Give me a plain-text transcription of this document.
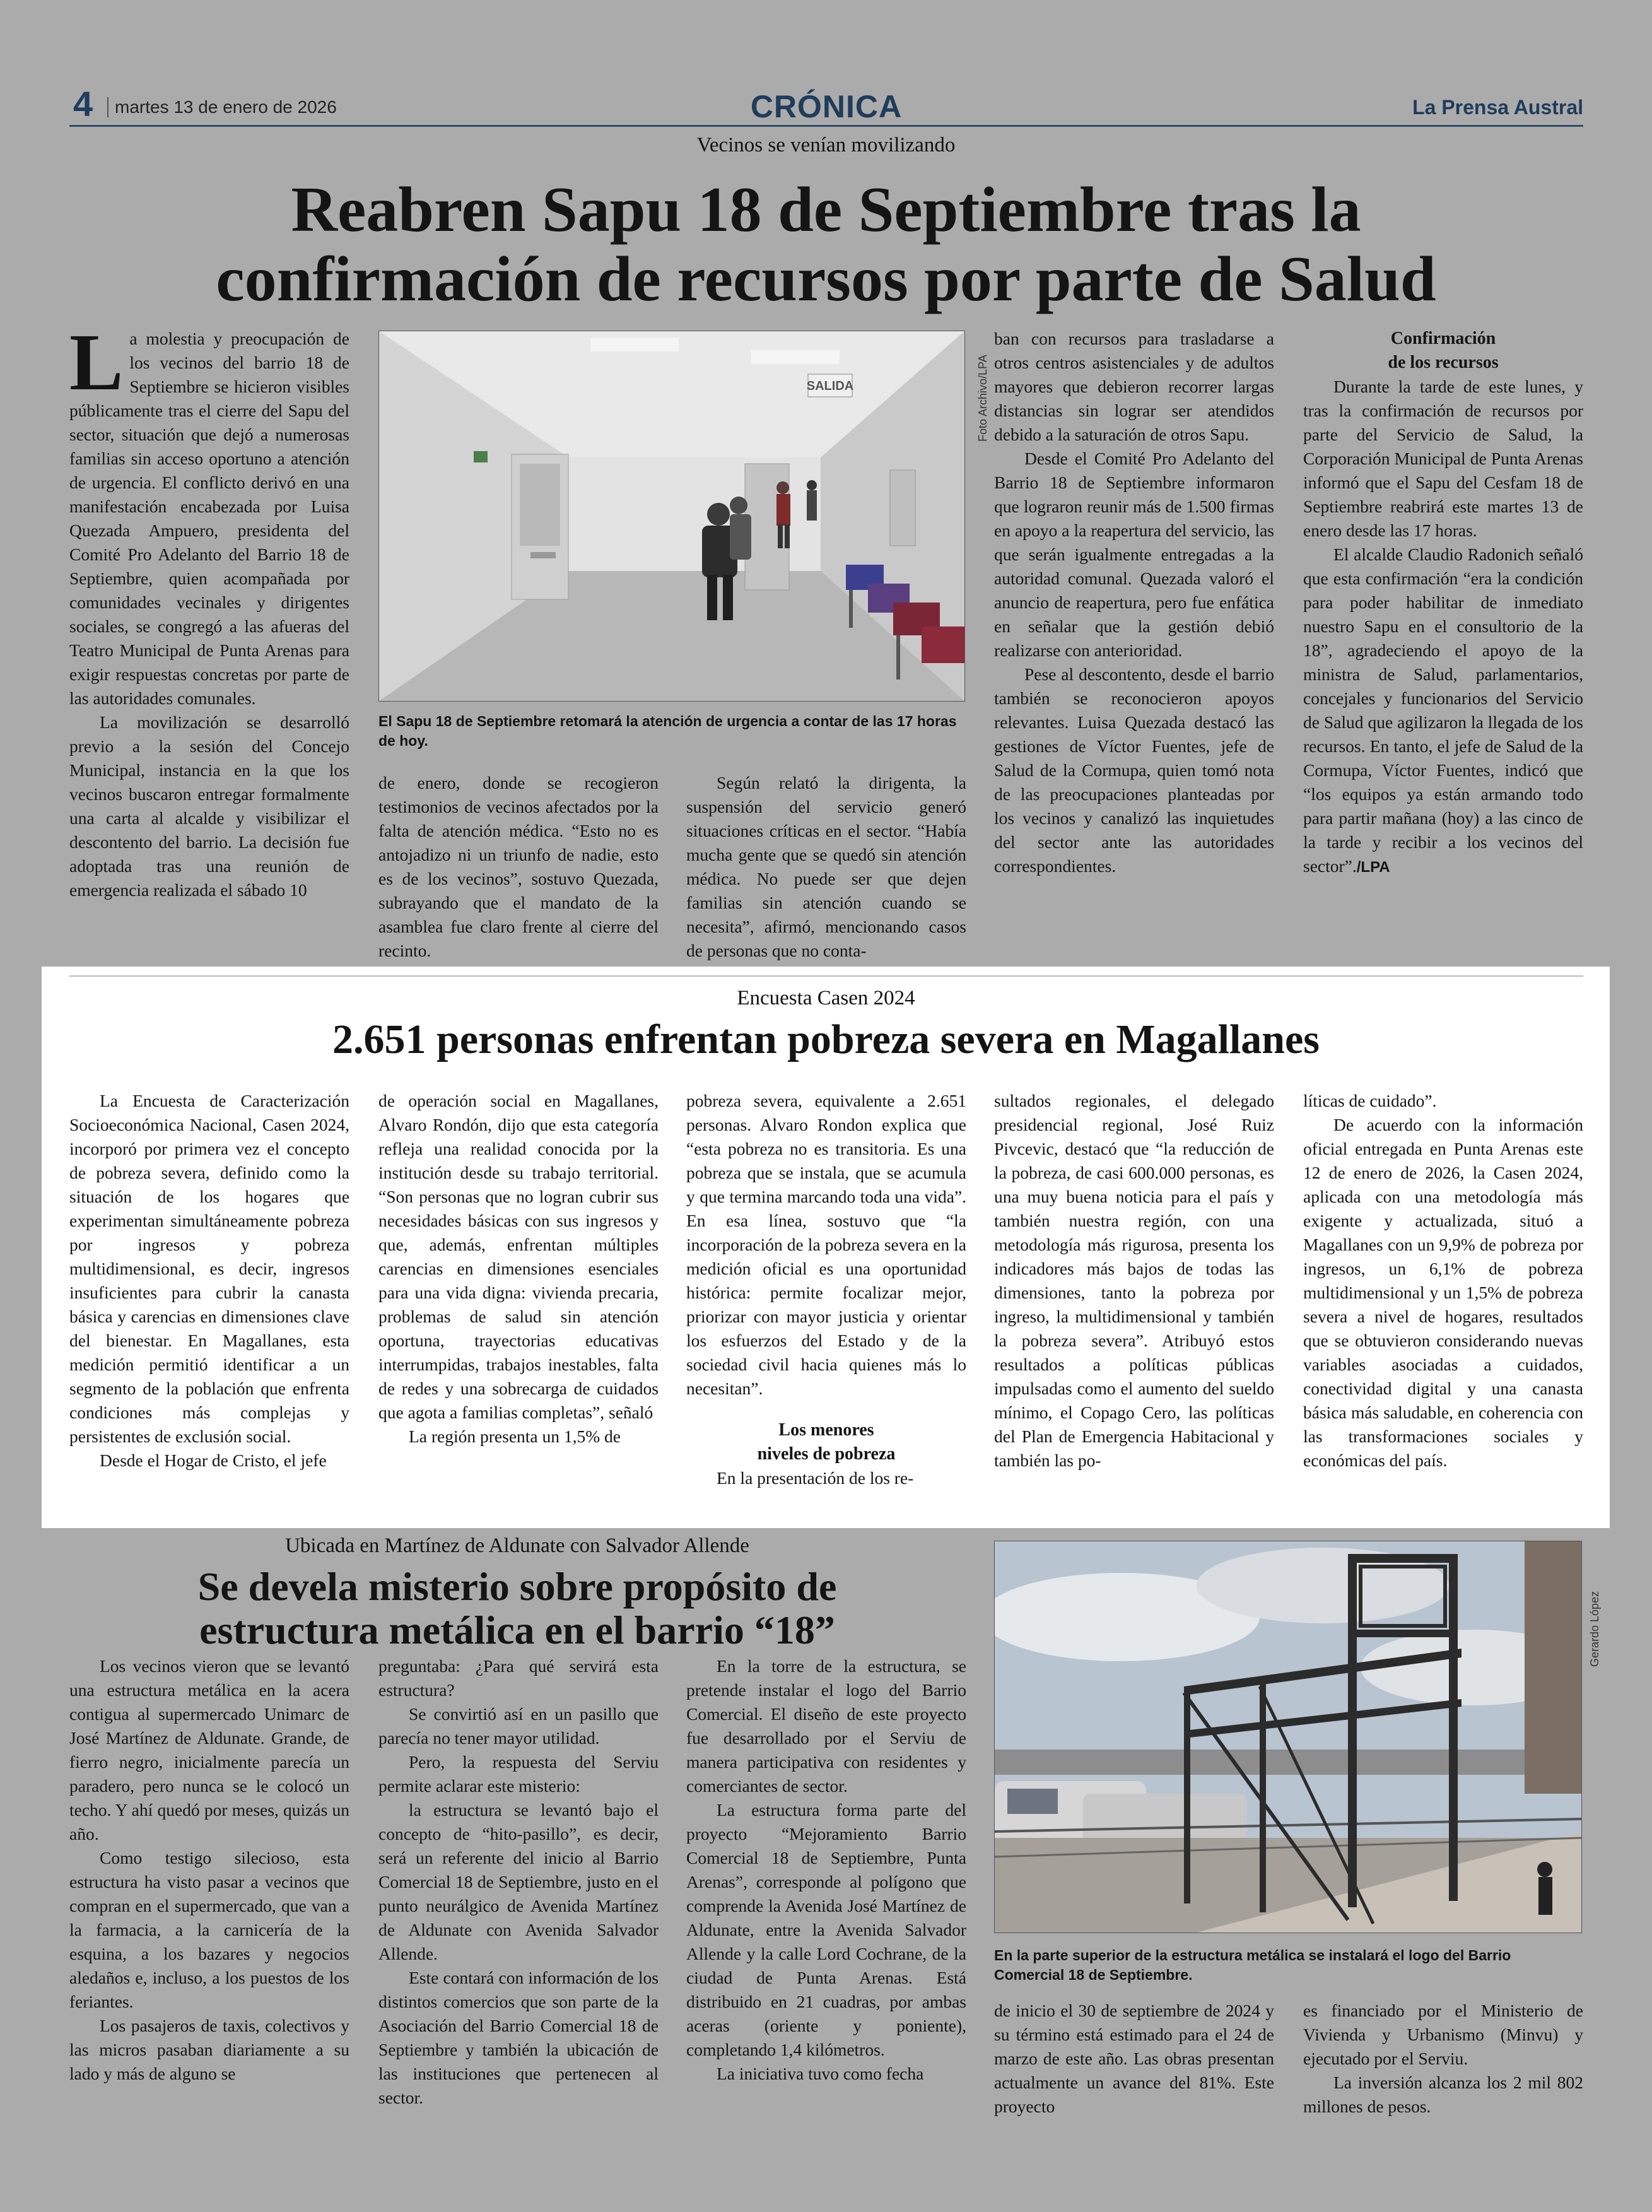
4	martes 13 de enero de 2026	CRÓNICA	La Prensa Austral
Vecinos se venían movilizando
Reabren Sapu 18 de Septiembre tras la
confirmación de recursos por parte de Salud

La molestia y preocupación de los vecinos del barrio 18 de Septiembre se hicieron visibles públicamente tras el cierre del Sapu del sector, situación que dejó a numerosas familias sin acceso oportuno a atención de urgencia. El conflicto derivó en una manifestación encabezada por Luisa Quezada Ampuero, presidenta del Comité Pro Adelanto del Barrio 18 de Septiembre, quien acompañada por comunidades vecinales y dirigentes sociales, se congregó a las afueras del Teatro Municipal de Punta Arenas para exigir respuestas concretas por parte de las autoridades comunales.

La movilización se desarrolló previo a la sesión del Concejo Municipal, instancia en la que los vecinos buscaron entregar formalmente una carta al alcalde y visibilizar el descontento del barrio. La decisión fue adoptada tras una reunión de emergencia realizada el sábado 10

SALIDA	Foto Archivo/LPA

El Sapu 18 de Septiembre retomará la atención de urgencia a contar de las 17 horas de hoy.

de enero, donde se recogieron testimonios de vecinos afectados por la falta de atención médica. “Esto no es antojadizo ni un triunfo de nadie, esto es de los vecinos”, sostuvo Quezada, subrayando que el mandato de la asamblea fue claro frente al cierre del recinto.

Según relató la dirigenta, la suspensión del servicio generó situaciones críticas en el sector. “Había mucha gente que se quedó sin atención médica. No puede ser que dejen familias sin atención cuando se necesita”, afirmó, mencionando casos de personas que no conta-

ban con recursos para trasladarse a otros centros asistenciales y de adultos mayores que debieron recorrer largas distancias sin lograr ser atendidos debido a la saturación de otros Sapu.

Desde el Comité Pro Adelanto del Barrio 18 de Septiembre informaron que lograron reunir más de 1.500 firmas en apoyo a la reapertura del servicio, las que serán igualmente entregadas a la autoridad comunal. Quezada valoró el anuncio de reapertura, pero fue enfática en señalar que la gestión debió realizarse con anterioridad.

Pese al descontento, desde el barrio también se reconocieron apoyos relevantes. Luisa Quezada destacó las gestiones de Víctor Fuentes, jefe de Salud de la Cormupa, quien tomó nota de las preocupaciones planteadas por los vecinos y canalizó las inquietudes del sector ante las autoridades correspondientes.

Confirmación
de los recursos

Durante la tarde de este lunes, y tras la confirmación de recursos por parte del Servicio de Salud, la Corporación Municipal de Punta Arenas informó que el Sapu del Cesfam 18 de Septiembre reabrirá este martes 13 de enero desde las 17 horas.

El alcalde Claudio Radonich señaló que esta confirmación “era la condición para poder habilitar de inmediato nuestro Sapu en el consultorio de la 18”, agradeciendo el apoyo de la ministra de Salud, parlamentarios, concejales y funcionarios del Servicio de Salud que agilizaron la llegada de los recursos. En tanto, el jefe de Salud de la Cormupa, Víctor Fuentes, indicó que “los equipos ya están armando todo para partir mañana (hoy) a las cinco de la tarde y recibir a los vecinos del sector”./LPA

Encuesta Casen 2024
2.651 personas enfrentan pobreza severa en Magallanes

La Encuesta de Caracterización Socioeconómica Nacional, Casen 2024, incorporó por primera vez el concepto de pobreza severa, definido como la situación de los hogares que experimentan simultáneamente pobreza por ingresos y pobreza multidimensional, es decir, ingresos insuficientes para cubrir la canasta básica y carencias en dimensiones clave del bienestar. En Magallanes, esta medición permitió identificar a un segmento de la población que enfrenta condiciones más complejas y persistentes de exclusión social.

Desde el Hogar de Cristo, el jefe

de operación social en Magallanes, Alvaro Rondón, dijo que esta categoría refleja una realidad conocida por la institución desde su trabajo territorial. “Son personas que no logran cubrir sus necesidades básicas con sus ingresos y que, además, enfrentan múltiples carencias en dimensiones esenciales para una vida digna: vivienda precaria, problemas de salud sin atención oportuna, trayectorias educativas interrumpidas, trabajos inestables, falta de redes y una sobrecarga de cuidados que agota a familias completas”, señaló

La región presenta un 1,5% de

pobreza severa, equivalente a 2.651 personas. Alvaro Rondon explica que “esta pobreza no es transitoria. Es una pobreza que se instala, que se acumula y que termina marcando toda una vida”. En esa línea, sostuvo que “la incorporación de la pobreza severa en la medición oficial es una oportunidad histórica: permite focalizar mejor, priorizar con mayor justicia y orientar los esfuerzos del Estado y de la sociedad civil hacia quienes más lo necesitan”.

Los menores
niveles de pobreza

En la presentación de los re-

sultados regionales, el delegado presidencial regional, José Ruiz Pivcevic, destacó que “la reducción de la pobreza, de casi 600.000 personas, es una muy buena noticia para el país y también nuestra región, con una metodología más rigurosa, presenta los indicadores más bajos de todas las dimensiones, tanto la pobreza por ingreso, la multidimensional y también la pobreza severa”. Atribuyó estos resultados a políticas públicas impulsadas como el aumento del sueldo mínimo, el Copago Cero, las políticas del Plan de Emergencia Habitacional y también las po-

líticas de cuidado”.

De acuerdo con la información oficial entregada en Punta Arenas este 12 de enero de 2026, la Casen 2024, aplicada con una metodología más exigente y actualizada, situó a Magallanes con un 9,9% de pobreza por ingresos, un 6,1% de pobreza multidimensional y un 1,5% de pobreza severa a nivel de hogares, resultados que se obtuvieron considerando nuevas variables asociadas a cuidados, conectividad digital y una canasta básica más saludable, en coherencia con las transformaciones sociales y económicas del país.

Ubicada en Martínez de Aldunate con Salvador Allende
Se devela misterio sobre propósito de
estructura metálica en el barrio “18”

Los vecinos vieron que se levantó una estructura metálica en la acera contigua al supermercado Unimarc de José Martínez de Aldunate. Grande, de fierro negro, inicialmente parecía un paradero, pero nunca se le colocó un techo. Y ahí quedó por meses, quizás un año.

Como testigo silecioso, esta estructura ha visto pasar a vecinos que compran en el supermercado, que van a la farmacia, a la carnicería de la esquina, a los bazares y negocios aledaños e, incluso, a los puestos de los feriantes.

Los pasajeros de taxis, colectivos y las micros pasaban diariamente a su lado y más de alguno se

preguntaba: ¿Para qué servirá esta estructura?

Se convirtió así en un pasillo que parecía no tener mayor utilidad.

Pero, la respuesta del Serviu permite aclarar este misterio:

la estructura se levantó bajo el concepto de “hito-pasillo”, es decir, será un referente del inicio al Barrio Comercial 18 de Septiembre, justo en el punto neurálgico de Avenida Martínez de Aldunate con Avenida Salvador Allende.

Este contará con información de los distintos comercios que son parte de la Asociación del Barrio Comercial 18 de Septiembre y también la ubicación de las instituciones que pertenecen al sector.

En la torre de la estructura, se pretende instalar el logo del Barrio Comercial. El diseño de este proyecto fue desarrollado por el Serviu de manera participativa con residentes y comerciantes de sector.

La estructura forma parte del proyecto “Mejoramiento Barrio Comercial 18 de Septiembre, Punta Arenas”, corresponde al polígono que comprende la Avenida José Martínez de Aldunate, entre la Avenida Salvador Allende y la calle Lord Cochrane, de la ciudad de Punta Arenas. Está distribuido en 21 cuadras, por ambas aceras (oriente y poniente), completando 1,4 kilómetros.

La iniciativa tuvo como fecha

Gerardo López

En la parte superior de la estructura metálica se instalará el logo del Barrio Comercial 18 de Septiembre.

de inicio el 30 de septiembre de 2024 y su término está estimado para el 24 de marzo de este año. Las obras presentan actualmente un avance del 81%. Este proyecto

es financiado por el Ministerio de Vivienda y Urbanismo (Minvu) y ejecutado por el Serviu.

La inversión alcanza los 2 mil 802 millones de pesos.
